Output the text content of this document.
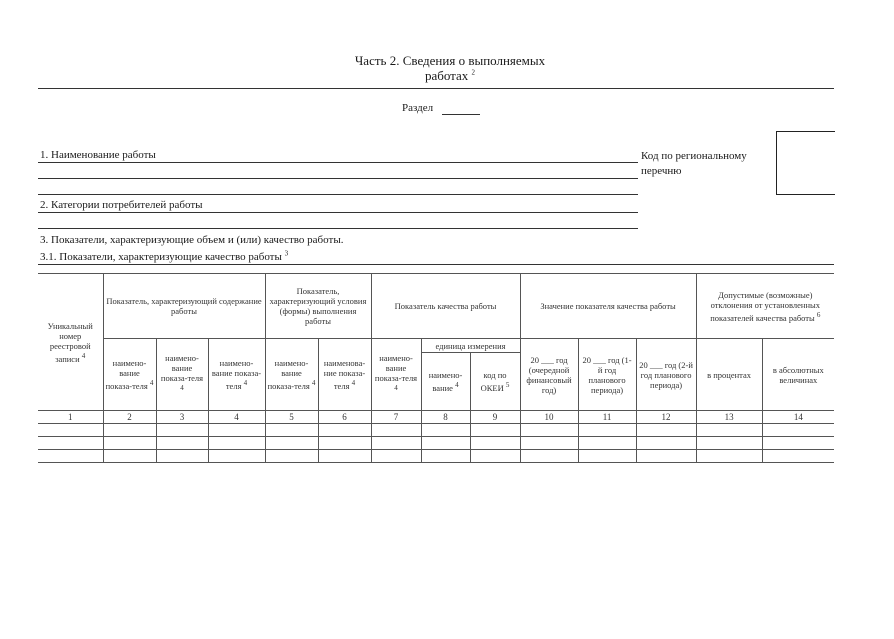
Часть 2. Сведения о выполняемых
работах $^2$
Раздел
1. Наименование работы	Код по региональному
перечню
2. Категории потребителей работы
3. Показатели, характеризующие объем и (или) качество работы.
3.1. Показатели, характеризующие качество работы $^3$
Уникальный номер реестровой записи $^4$	Показатель, характеризующий содержание работы			Показатель, характеризующий условия (формы) выполнения работы		Показатель качества работы			Значение показателя качества работы			Допустимые (возможные) отклонения от установленных показателей качества работы $^6$
	наимено-вание показа-теля $^4$	наимено-вание показа-теля $^4$	наимено-вание показа-теля $^4$	наимено-вание показа-теля $^4$	наименова-ние показа-теля $^4$	наимено-вание показа-теля $^4$	единица измерения		20 ___ год (очередной финансовый год)	20 ___ год (1-й год планового периода)	20 ___ год (2-й год планового периода)	в процентах	в абсолютных величинах
							наимено-вание $^4$	код по ОКЕИ $^5$
1	2	3	4	5	6	7	8	9	10	11	12	13	14
